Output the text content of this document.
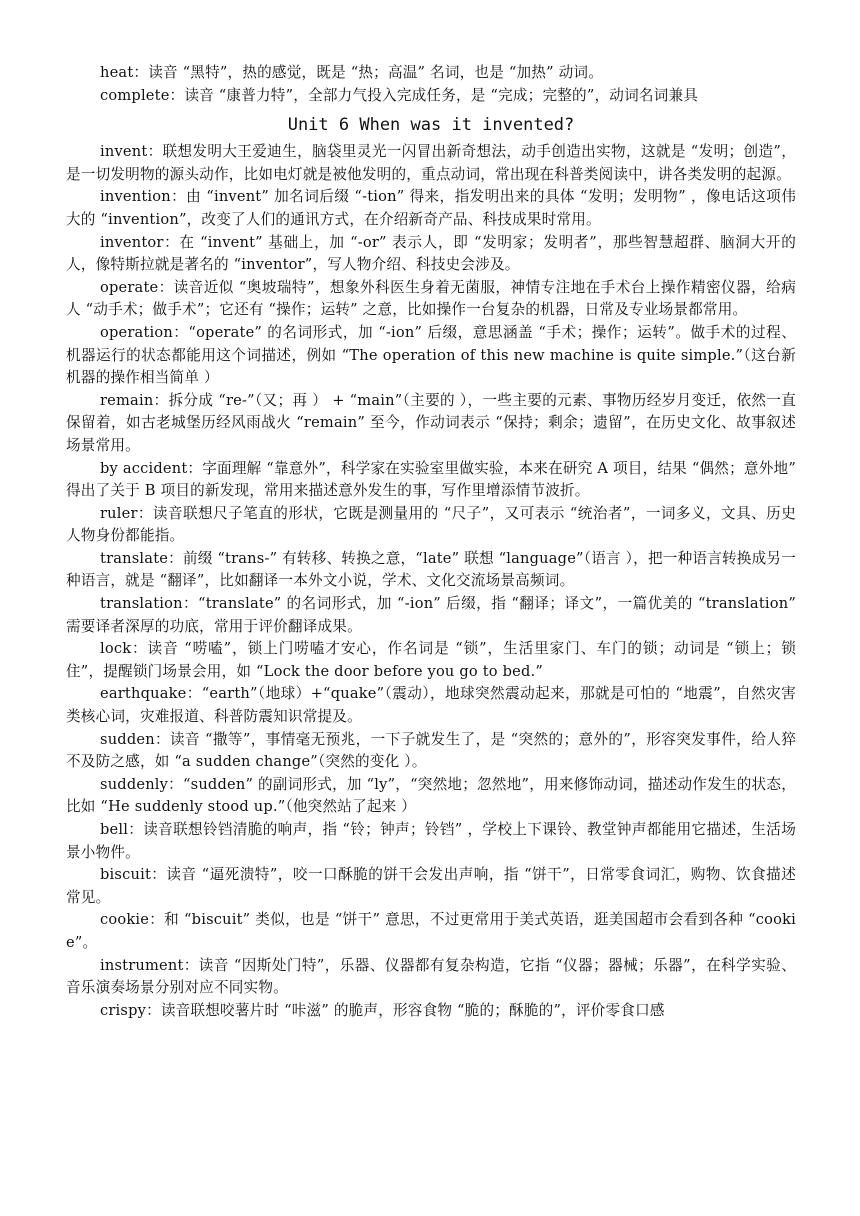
heat：读音 “黑特”，热的感觉，既是 “热；高温” 名词，也是 “加热” 动词。

complete：读音 “康普力特”，全部力气投入完成任务，是 “完成；完整的”，动词名词兼具

Unit 6 When was it invented?

invent：联想发明大王爱迪生，脑袋里灵光一闪冒出新奇想法，动手创造出实物，这就是 “发明；创造”，是一切发明物的源头动作，比如电灯就是被他发明的，重点动词，常出现在科普类阅读中，讲各类发明的起源。

invention：由 “invent” 加名词后缀 “-tion” 得来，指发明出来的具体 “发明；发明物” ，像电话这项伟大的 “invention”，改变了人们的通讯方式，在介绍新奇产品、科技成果时常用。

inventor：在 “invent” 基础上，加 “-or” 表示人，即 “发明家；发明者”，那些智慧超群、脑洞大开的人，像特斯拉就是著名的 “inventor”，写人物介绍、科技史会涉及。

operate：读音近似 “奥坡瑞特”，想象外科医生身着无菌服，神情专注地在手术台上操作精密仪器，给病人 “动手术；做手术”；它还有 “操作；运转” 之意，比如操作一台复杂的机器，日常及专业场景都常用。

operation：“operate” 的名词形式，加 “-ion” 后缀，意思涵盖 “手术；操作；运转”。做手术的过程、机器运行的状态都能用这个词描述，例如 “The operation of this new machine is quite simple.”（这台新机器的操作相当简单 ）

remain：拆分成 “re-”（又；再 ） + “main”（主要的 ），一些主要的元素、事物历经岁月变迁，依然一直保留着，如古老城堡历经风雨战火 “remain” 至今，作动词表示 “保持；剩余；遗留”，在历史文化、故事叙述场景常用。

by accident：字面理解 “靠意外”，科学家在实验室里做实验，本来在研究 A 项目，结果 “偶然；意外地” 得出了关于 B 项目的新发现，常用来描述意外发生的事，写作里增添情节波折。

ruler：读音联想尺子笔直的形状，它既是测量用的 “尺子”，又可表示 “统治者”，一词多义，文具、历史人物身份都能指。

translate：前缀 “trans-” 有转移、转换之意，“late” 联想 “language”（语言 ），把一种语言转换成另一种语言，就是 “翻译”，比如翻译一本外文小说，学术、文化交流场景高频词。

translation：“translate” 的名词形式，加 “-ion” 后缀，指 “翻译；译文”，一篇优美的 “translation” 需要译者深厚的功底，常用于评价翻译成果。

lock：读音 “唠嗑”，锁上门唠嗑才安心，作名词是 “锁”，生活里家门、车门的锁；动词是 “锁上；锁住”，提醒锁门场景会用，如 “Lock the door before you go to bed.”

earthquake：“earth”（地球）+“quake”（震动），地球突然震动起来，那就是可怕的 “地震”，自然灾害类核心词，灾难报道、科普防震知识常提及。

sudden：读音 “撒等”，事情毫无预兆，一下子就发生了，是 “突然的；意外的”，形容突发事件，给人猝不及防之感，如 “a sudden change”（突然的变化 ）。

suddenly：“sudden” 的副词形式，加 “ly”，“突然地；忽然地”，用来修饰动词，描述动作发生的状态，比如 “He suddenly stood up.”（他突然站了起来 ）

bell：读音联想铃铛清脆的响声，指 “铃；钟声；铃铛” ，学校上下课铃、教堂钟声都能用它描述，生活场景小物件。

biscuit：读音 “逼死溃特”，咬一口酥脆的饼干会发出声响，指 “饼干”，日常零食词汇，购物、饮食描述常见。

cookie：和 “biscuit” 类似，也是 “饼干” 意思，不过更常用于美式英语，逛美国超市会看到各种 “cookie”。

instrument：读音 “因斯处门特”，乐器、仪器都有复杂构造，它指 “仪器；器械；乐器”，在科学实验、音乐演奏场景分别对应不同实物。

crispy：读音联想咬薯片时 “咔滋” 的脆声，形容食物 “脆的；酥脆的”，评价零食口感
